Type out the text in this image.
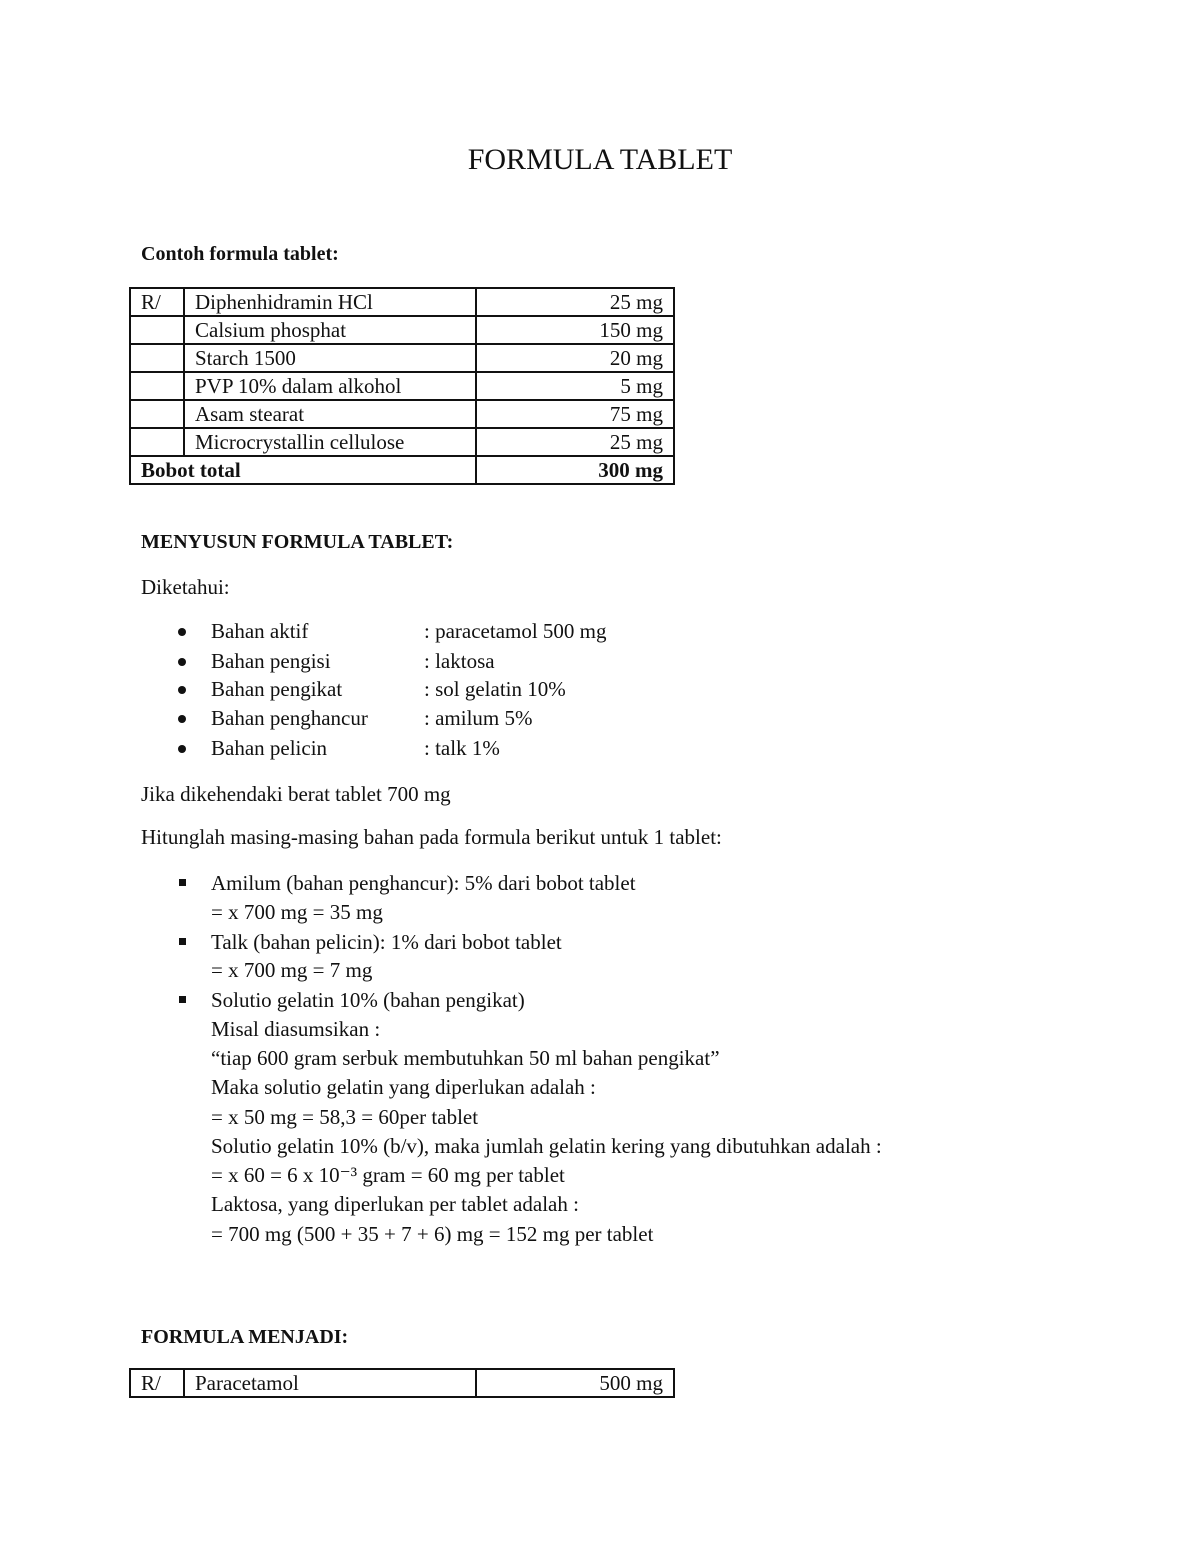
FORMULA TABLET
Contoh formula tablet:
R/	Diphenhidramin HCl	25 mg
	Calsium phosphat	150 mg
	Starch 1500	20 mg
	PVP 10% dalam alkohol	5 mg
	Asam stearat	75 mg
	Microcrystallin cellulose	25 mg
Bobot total		300 mg
MENYUSUN FORMULA TABLET:
Diketahui:
Bahan aktif	: paracetamol 500 mg
Bahan pengisi	: laktosa
Bahan pengikat	: sol gelatin 10%
Bahan penghancur	: amilum 5%
Bahan pelicin	: talk 1%
Jika dikehendaki berat tablet 700 mg
Hitunglah masing-masing bahan pada formula berikut untuk 1 tablet:
Amilum (bahan penghancur): 5% dari bobot tablet
= x 700 mg = 35 mg
Talk (bahan pelicin): 1% dari bobot tablet
= x 700 mg = 7 mg
Solutio gelatin 10% (bahan pengikat)
Misal diasumsikan :
“tiap 600 gram serbuk membutuhkan 50 ml bahan pengikat”
Maka solutio gelatin yang diperlukan adalah :
= x 50 mg = 58,3 = 60per tablet
Solutio gelatin 10% (b/v), maka jumlah gelatin kering yang dibutuhkan adalah :
= x 60 = 6 x 10⁻³ gram = 60 mg per tablet
Laktosa, yang diperlukan per tablet adalah :
= 700 mg (500 + 35 + 7 + 6) mg = 152 mg per tablet
FORMULA MENJADI:
R/	Paracetamol	500 mg
